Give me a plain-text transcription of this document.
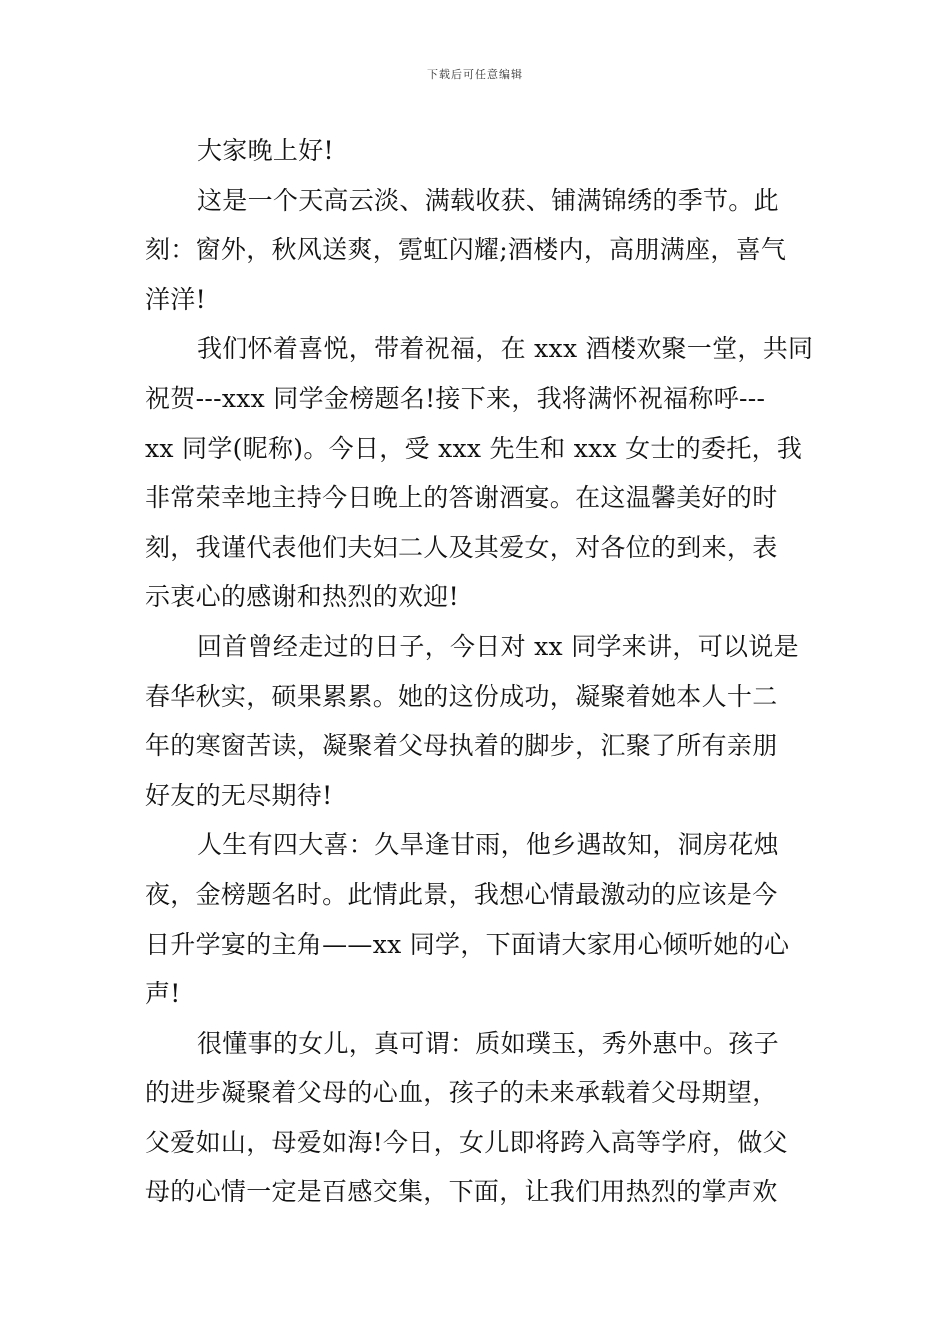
下载后可任意编辑
大家晚上好!
这是一个天高云淡、满载收获、铺满锦绣的季节。此
刻：窗外，秋风送爽，霓虹闪耀;酒楼内，高朋满座，喜气
洋洋!
我们怀着喜悦，带着祝福，在 xxx 酒楼欢聚一堂，共同
祝贺---xxx 同学金榜题名!接下来，我将满怀祝福称呼---
xx 同学(昵称)。今日，受 xxx 先生和 xxx 女士的委托，我
非常荣幸地主持今日晚上的答谢酒宴。在这温馨美好的时
刻，我谨代表他们夫妇二人及其爱女，对各位的到来，表
示衷心的感谢和热烈的欢迎!
回首曾经走过的日子，今日对 xx 同学来讲，可以说是
春华秋实，硕果累累。她的这份成功，凝聚着她本人十二
年的寒窗苦读，凝聚着父母执着的脚步，汇聚了所有亲朋
好友的无尽期待!
人生有四大喜：久旱逢甘雨，他乡遇故知，洞房花烛
夜，金榜题名时。此情此景，我想心情最激动的应该是今
日升学宴的主角——xx 同学，下面请大家用心倾听她的心
声!
很懂事的女儿，真可谓：质如璞玉，秀外惠中。孩子
的进步凝聚着父母的心血，孩子的未来承载着父母期望，
父爱如山，母爱如海!今日，女儿即将跨入高等学府，做父
母的心情一定是百感交集，下面，让我们用热烈的掌声欢
